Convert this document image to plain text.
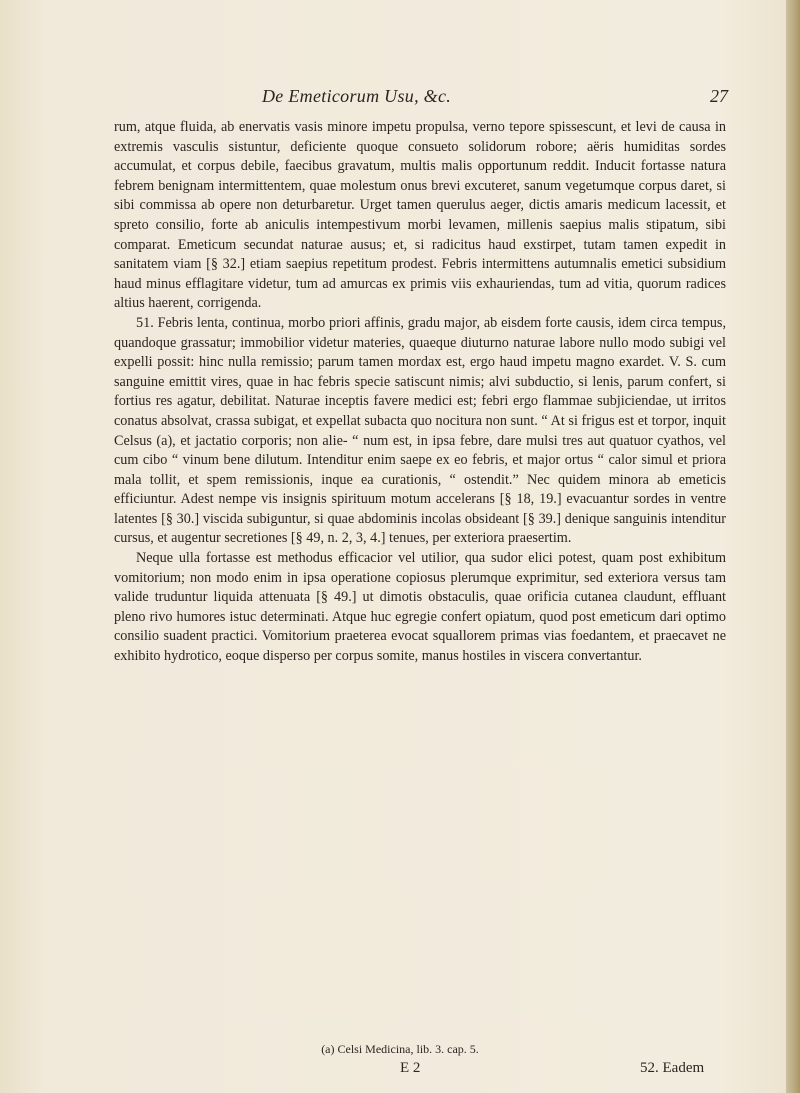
De Emeticorum Usu, &c.	27

rum, atque fluida, ab enervatis vasis minore impetu propulsa, verno tepore spissescunt, et levi de causa in extremis vasculis sistuntur, deficiente quoque consueto solidorum robore; aëris humiditas sordes accumulat, et corpus debile, faecibus gravatum, multis malis opportunum reddit. Inducit fortasse natura febrem benignam intermittentem, quae molestum onus brevi excuteret, sanum vegetumque corpus daret, si sibi commissa ab opere non deturbaretur. Urget tamen querulus aeger, dictis amaris medicum lacessit, et spreto consilio, forte ab aniculis intempestivum morbi levamen, millenis saepius malis stipatum, sibi comparat. Emeticum secundat naturae ausus; et, si radicitus haud exstirpet, tutam tamen expedit in sanitatem viam [§ 32.] etiam saepius repetitum prodest. Febris intermittens autumnalis emetici subsidium haud minus efflagitare videtur, tum ad amurcas ex primis viis exhauriendas, tum ad vitia, quorum radices altius haerent, corrigenda.

51. Febris lenta, continua, morbo priori affinis, gradu major, ab eisdem forte causis, idem circa tempus, quandoque grassatur; immobilior videtur materies, quaeque diuturno naturae labore nullo modo subigi vel expelli possit: hinc nulla remissio; parum tamen mordax est, ergo haud impetu magno exardet. V. S. cum sanguine emittit vires, quae in hac febris specie satiscunt nimis; alvi subductio, si lenis, parum confert, si fortius res agatur, debilitat. Naturae inceptis favere medici est; febri ergo flammae subjiciendae, ut irritos conatus absolvat, crassa subigat, et expellat subacta quo nocitura non sunt. “ At si frigus est et torpor, inquit Celsus (a), et jactatio corporis; non alie- “ num est, in ipsa febre, dare mulsi tres aut quatuor cyathos, vel cum cibo “ vinum bene dilutum. Intenditur enim saepe ex eo febris, et major ortus “ calor simul et priora mala tollit, et spem remissionis, inque ea curationis, “ ostendit.” Nec quidem minora ab emeticis efficiuntur. Adest nempe vis insignis spirituum motum accelerans [§ 18, 19.] evacuantur sordes in ventre latentes [§ 30.] viscida subiguntur, si quae abdominis incolas obsideant [§ 39.] denique sanguinis intenditur cursus, et augentur secretiones [§ 49, n. 2, 3, 4.] tenues, per exteriora praesertim.

Neque ulla fortasse est methodus efficacior vel utilior, qua sudor elici potest, quam post exhibitum vomitorium; non modo enim in ipsa operatione copiosus plerumque exprimitur, sed exteriora versus tam valide truduntur liquida attenuata [§ 49.] ut dimotis obstaculis, quae orificia cutanea claudunt, effluant pleno rivo humores istuc determinati. Atque huc egregie confert opiatum, quod post emeticum dari optimo consilio suadent practici. Vomitorium praeterea evocat squallorem primas vias foedantem, et praecavet ne exhibito hydrotico, eoque disperso per corpus somite, manus hostiles in viscera convertantur.

(a) Celsi Medicina, lib. 3. cap. 5.
E 2	52. Eadem
